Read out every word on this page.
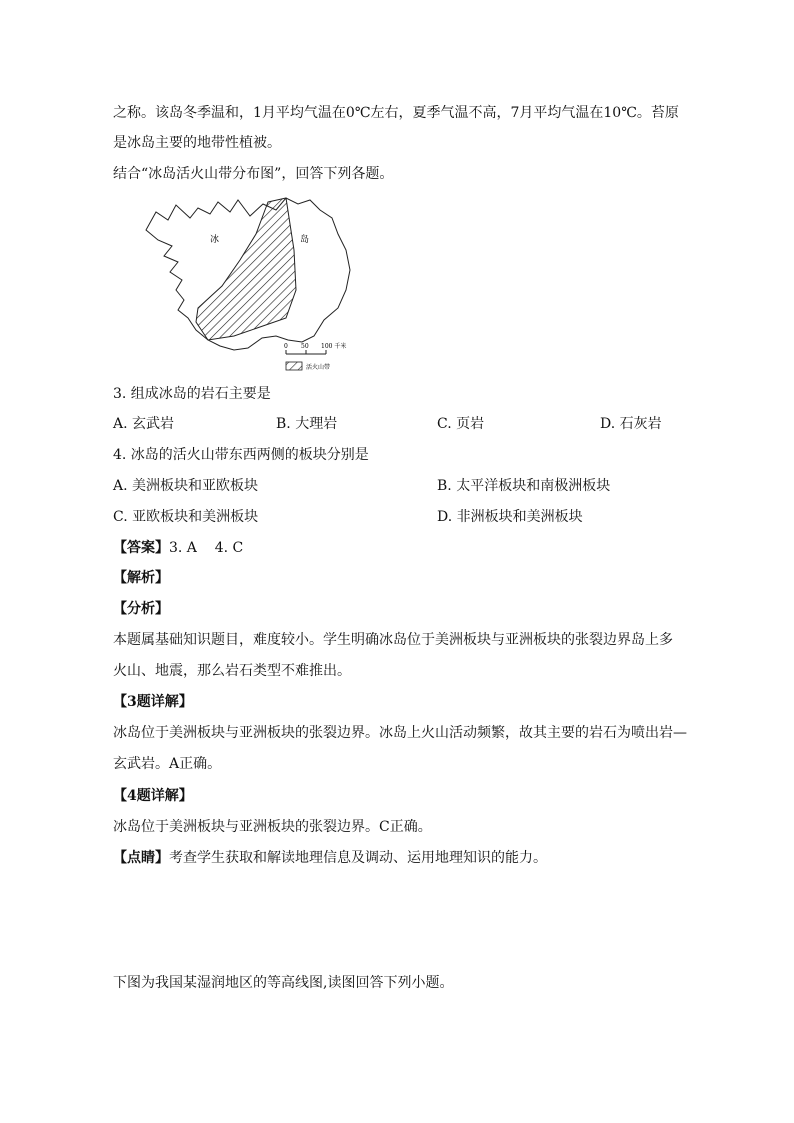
之称。该岛冬季温和，1月平均气温在0℃左右，夏季气温不高，7月平均气温在10℃。苔原
是冰岛主要的地带性植被。
结合“冰岛活火山带分布图”，回答下列各题。
冰	岛
0 50 100 千米
活火山带
3. 组成冰岛的岩石主要是
A. 玄武岩	B. 大理岩	C. 页岩	D. 石灰岩
4. 冰岛的活火山带东西两侧的板块分别是
A. 美洲板块和亚欧板块	B. 太平洋板块和南极洲板块
C. 亚欧板块和美洲板块	D. 非洲板块和美洲板块
【答案】3. A    4. C
【解析】
【分析】
本题属基础知识题目，难度较小。学生明确冰岛位于美洲板块与亚洲板块的张裂边界岛上多
火山、地震，那么岩石类型不难推出。
【3题详解】
冰岛位于美洲板块与亚洲板块的张裂边界。冰岛上火山活动频繁，故其主要的岩石为喷出岩—
玄武岩。A正确。
【4题详解】
冰岛位于美洲板块与亚洲板块的张裂边界。C正确。
【点睛】考查学生获取和解读地理信息及调动、运用地理知识的能力。
下图为我国某湿润地区的等高线图,读图回答下列小题。
